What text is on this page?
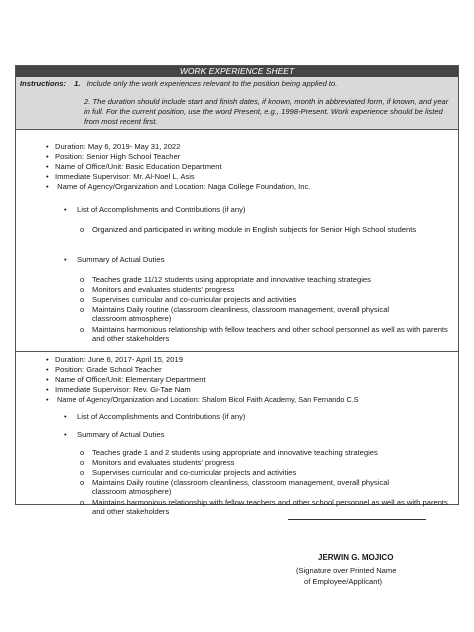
WORK EXPERIENCE SHEET
Instructions: 1. Include only the work experiences relevant to the position being applied to.
2. The duration should include start and finish dates, if known, month in abbreviated form, if known, and year in full. For the current position, use the word Present, e.g., 1998-Present. Work experience should be listed from most recent first.
• Duration: May 6, 2019- May 31, 2022
• Position: Senior High School Teacher
• Name of Office/Unit: Basic Education Department
• Immediate Supervisor: Mr. Al-Noel L. Asis
• Name of Agency/Organization and Location: Naga College Foundation, Inc.
• List of Accomplishments and Contributions (if any)
o Organized and participated in writing module in English subjects for Senior High School students
• Summary of Actual Duties
o Teaches grade 11/12 students using appropriate and innovative teaching strategies
o Monitors and evaluates students' progress
o Supervises curricular and co-curricular projects and activities
o Maintains Daily routine (classroom cleanliness, classroom management, overall physical classroom atmosphere)
o Maintains harmonious relationship with fellow teachers and other school personnel as well as with parents and other stakeholders
• Duration: June 6, 2017- April 15, 2019
• Position: Grade School Teacher
• Name of Office/Unit: Elementary Department
• Immediate Supervisor: Rev. Gi-Tae Nam
• Name of Agency/Organization and Location: Shalom Bicol Faith Academy, San Fernando C.S
• List of Accomplishments and Contributions (if any)
• Summary of Actual Duties
o Teaches grade 1 and 2 students using appropriate and innovative teaching strategies
o Monitors and evaluates students' progress
o Supervises curricular and co-curricular projects and activities
o Maintains Daily routine (classroom cleanliness, classroom management, overall physical classroom atmosphere)
o Maintains harmonious relationship with fellow teachers and other school personnel as well as with parents and other stakeholders
JERWIN G. MOJICO
(Signature over Printed Name
of Employee/Applicant)
